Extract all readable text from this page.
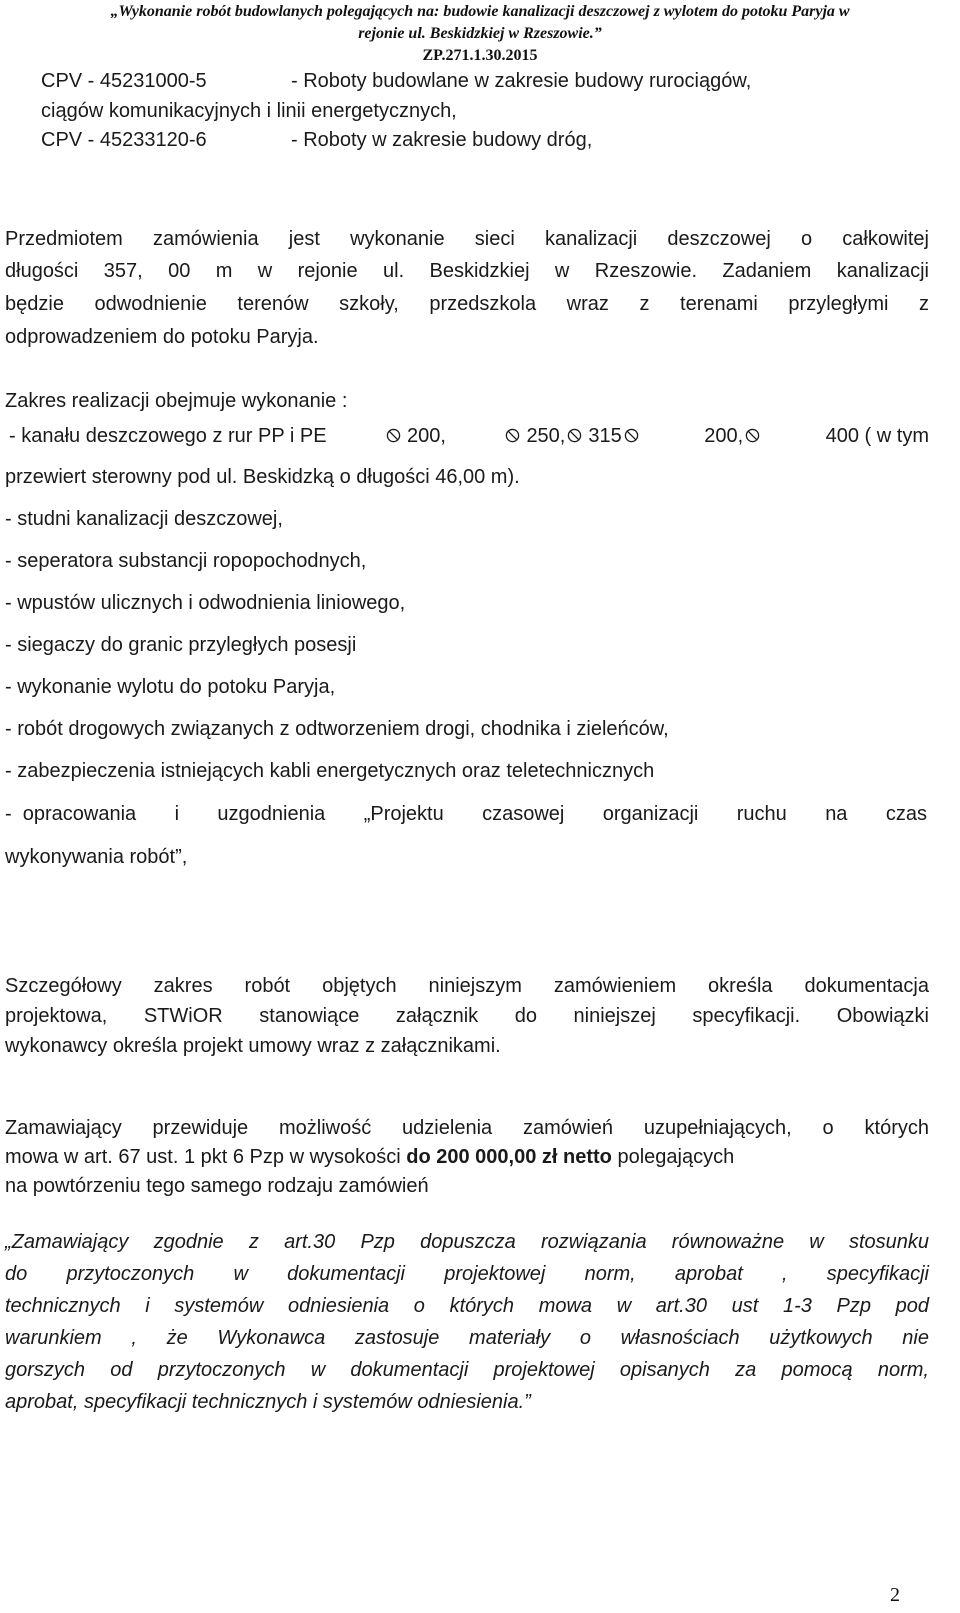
„Wykonanie robót budowlanych polegających na: budowie kanalizacji deszczowej z wylotem do potoku Paryja w
rejonie ul. Beskidzkiej w Rzeszowie.”
ZP.271.1.30.2015
CPV - 45231000-5	- Roboty budowlane w zakresie budowy rurociągów,
ciągów komunikacyjnych i linii energetycznych,
CPV - 45233120-6	- Roboty w zakresie budowy dróg,
Przedmiotem zamówienia jest wykonanie sieci kanalizacji deszczowej o całkowitej
długości 357, 00 m w rejonie ul. Beskidzkiej w Rzeszowie. Zadaniem kanalizacji
będzie odwodnienie terenów szkoły, przedszkola wraz z terenami przyległymi z
odprowadzeniem do potoku Paryja.
Zakres realizacji obejmuje wykonanie :
- kanału deszczowego z rur PP i PE	200,	250, 315	200,	400 ( w tym
przewiert sterowny pod ul. Beskidzką o długości 46,00 m).
- studni kanalizacji deszczowej,
- seperatora substancji ropopochodnych,
- wpustów ulicznych i odwodnienia liniowego,
- siegaczy do granic przyległych posesji
- wykonanie wylotu do potoku Paryja,
- robót drogowych związanych z odtworzeniem drogi, chodnika i zieleńców,
- zabezpieczenia istniejących kabli energetycznych oraz teletechnicznych
-  opracowania i uzgodnienia „Projektu czasowej organizacji ruchu na czas
wykonywania robót”,
Szczegółowy zakres robót objętych niniejszym zamówieniem określa dokumentacja
projektowa, STWiOR stanowiące załącznik do niniejszej specyfikacji. Obowiązki
wykonawcy określa projekt umowy wraz z załącznikami.
Zamawiający przewiduje możliwość udzielenia zamówień uzupełniających, o których
mowa w art. 67 ust. 1 pkt 6 Pzp w wysokości do 200 000,00 zł netto polegających
na powtórzeniu tego samego rodzaju zamówień
„Zamawiający zgodnie z art.30 Pzp dopuszcza rozwiązania równoważne w stosunku
do przytoczonych w dokumentacji projektowej norm, aprobat , specyfikacji
technicznych i systemów odniesienia o których mowa w art.30 ust 1-3 Pzp pod
warunkiem , że Wykonawca zastosuje materiały o własnościach użytkowych nie
gorszych od przytoczonych w dokumentacji projektowej opisanych za pomocą norm,
aprobat, specyfikacji technicznych i systemów odniesienia.”
2
